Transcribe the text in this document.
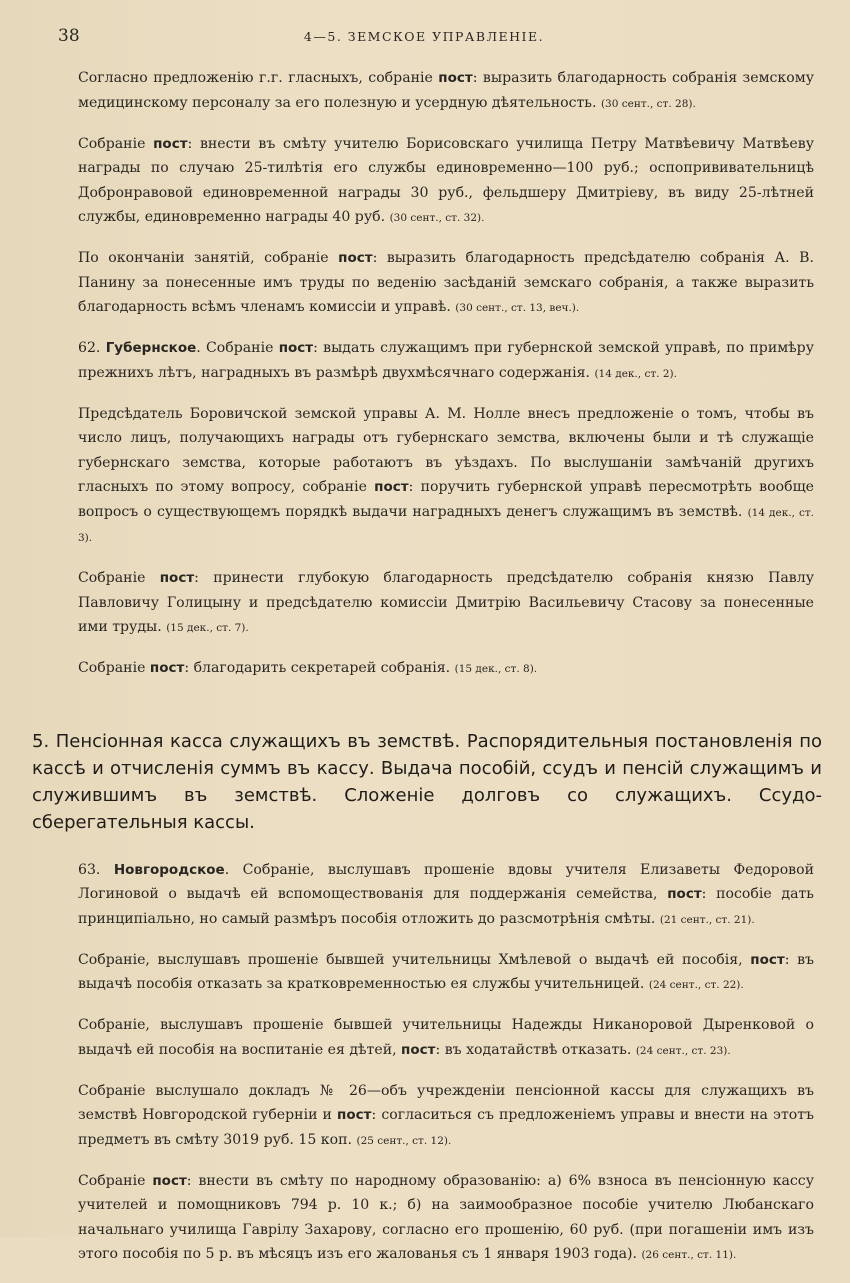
38	4—5. ЗЕМСКОЕ УПРАВЛЕНІЕ.

Согласно предложенію г.г. гласныхъ, собраніе пост: выразить благодарность собранія земскому медицинскому персоналу за его полезную и усердную дѣятельность. (30 сент., ст. 28).

Собраніе пост: внести въ смѣту учителю Борисовскаго училища Петру Матвѣевичу Матвѣеву награды по случаю 25-тилѣтія его службы единовременно—100 руб.; оспопрививательницѣ Добронравовой единовременной награды 30 руб., фельдшеру Дмитріеву, въ виду 25-лѣтней службы, единовременно награды 40 руб. (30 сент., ст. 32).

По окончаніи занятій, собраніе пост: выразить благодарность предсѣдателю собранія А. В. Панину за понесенные имъ труды по веденію засѣданій земскаго собранія, а также выразить благодарность всѣмъ членамъ комиссіи и управѣ. (30 сент., ст. 13, веч.).

62. Губернское. Собраніе пост: выдать служащимъ при губернской земской управѣ, по примѣру прежнихъ лѣтъ, наградныхъ въ размѣрѣ двухмѣсячнаго содержанія. (14 дек., ст. 2).

Предсѣдатель Боровичской земской управы А. М. Нолле внесъ предложеніе о томъ, чтобы въ число лицъ, получающихъ награды отъ губернскаго земства, включены были и тѣ служащіе губернскаго земства, которые работаютъ въ уѣздахъ. По выслушаніи замѣчаній другихъ гласныхъ по этому вопросу, собраніе пост: поручить губернской управѣ пересмотрѣть вообще вопросъ о существующемъ порядкѣ выдачи наградныхъ денегъ служащимъ въ земствѣ. (14 дек., ст. 3).

Собраніе пост: принести глубокую благодарность предсѣдателю собранія князю Павлу Павловичу Голицыну и предсѣдателю комиссіи Дмитрію Васильевичу Стасову за понесенные ими труды. (15 дек., ст. 7).

Собраніе пост: благодарить секретарей собранія. (15 дек., ст. 8).

5. Пенсіонная касса служащихъ въ земствѣ. Распорядительныя постановленія по кассѣ и отчисленія суммъ въ кассу. Выдача пособій, ссудъ и пенсій служащимъ и служившимъ въ земствѣ. Сложеніе долговъ со служащихъ. Ссудо-сберегательныя кассы.

63. Новгородское. Собраніе, выслушавъ прошеніе вдовы учителя Елизаветы Федоровой Логиновой о выдачѣ ей вспомоществованія для поддержанія семейства, пост: пособіе дать принципіально, но самый размѣръ пособія отложить до разсмотрѣнія смѣты. (21 сент., ст. 21).

Собраніе, выслушавъ прошеніе бывшей учительницы Хмѣлевой о выдачѣ ей пособія, пост: въ выдачѣ пособія отказать за кратковременностью ея службы учительницей. (24 сент., ст. 22).

Собраніе, выслушавъ прошеніе бывшей учительницы Надежды Никаноровой Дыренковой о выдачѣ ей пособія на воспитаніе ея дѣтей, пост: въ ходатайствѣ отказать. (24 сент., ст. 23).

Собраніе выслушало докладъ № 26—объ учрежденіи пенсіонной кассы для служащихъ въ земствѣ Новгородской губерніи и пост: согласиться съ предложеніемъ управы и внести на этотъ предметъ въ смѣту 3019 руб. 15 коп. (25 сент., ст. 12).

Собраніе пост: внести въ смѣту по народному образованію: а) 6% взноса въ пенсіонную кассу учителей и помощниковъ 794 р. 10 к.; б) на заимообразное пособіе учителю Любанскаго начальнаго училища Гаврілу Захарову, согласно его прошенію, 60 руб. (при погашеніи имъ изъ этого пособія по 5 р. въ мѣсяцъ изъ его жалованья съ 1 января 1903 года). (26 сент., ст. 11).
